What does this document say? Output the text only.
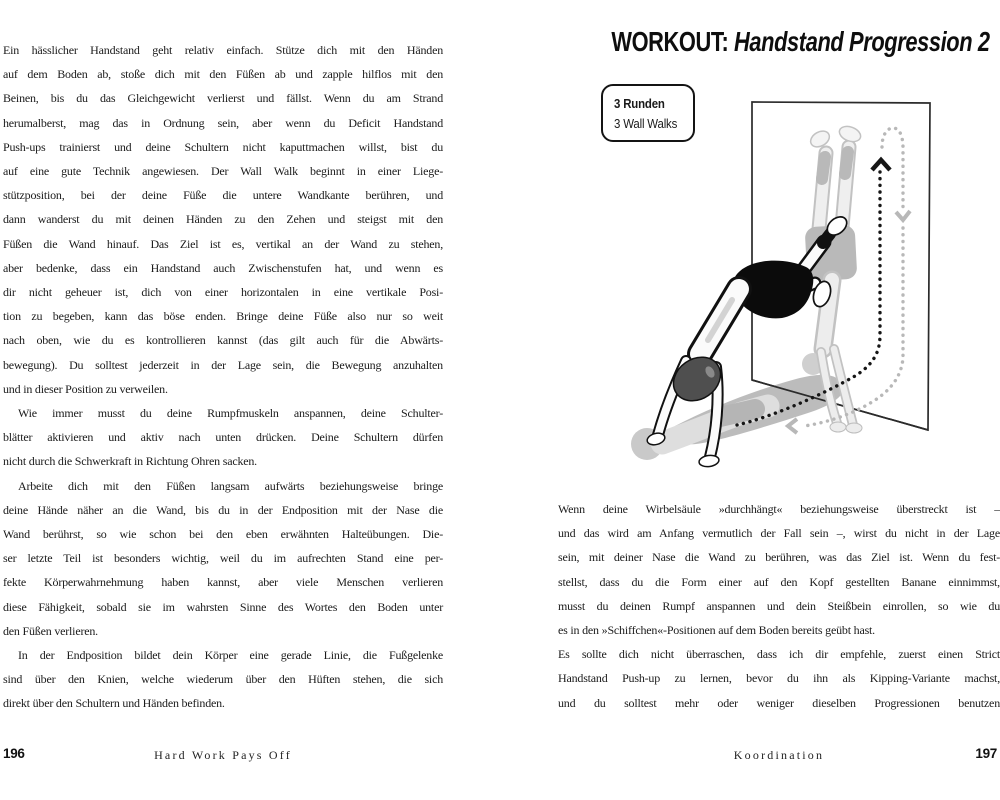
Ein hässlicher Handstand geht relativ einfach. Stütze dich mit den Händen
auf dem Boden ab, stoße dich mit den Füßen ab und zapple hilflos mit den
Beinen, bis du das Gleichgewicht verlierst und fällst. Wenn du am Strand
herumalberst, mag das in Ordnung sein, aber wenn du Deficit Handstand
Push-ups trainierst und deine Schultern nicht kaputtmachen willst, bist du
auf eine gute Technik angewiesen. Der Wall Walk beginnt in einer Liege-
stützposition, bei der deine Füße die untere Wandkante berühren, und
dann wanderst du mit deinen Händen zu den Zehen und steigst mit den
Füßen die Wand hinauf. Das Ziel ist es, vertikal an der Wand zu stehen,
aber bedenke, dass ein Handstand auch Zwischenstufen hat, und wenn es
dir nicht geheuer ist, dich von einer horizontalen in eine vertikale Posi-
tion zu begeben, kann das böse enden. Bringe deine Füße also nur so weit
nach oben, wie du es kontrollieren kannst (das gilt auch für die Abwärts-
bewegung). Du solltest jederzeit in der Lage sein, die Bewegung anzuhalten
und in dieser Position zu verweilen.
Wie immer musst du deine Rumpfmuskeln anspannen, deine Schulter-
blätter aktivieren und aktiv nach unten drücken. Deine Schultern dürfen
nicht durch die Schwerkraft in Richtung Ohren sacken.
Arbeite dich mit den Füßen langsam aufwärts beziehungsweise bringe
deine Hände näher an die Wand, bis du in der Endposition mit der Nase die
Wand berührst, so wie schon bei den eben erwähnten Halteübungen. Die-
ser letzte Teil ist besonders wichtig, weil du im aufrechten Stand eine per-
fekte Körperwahrnehmung haben kannst, aber viele Menschen verlieren
diese Fähigkeit, sobald sie im wahrsten Sinne des Wortes den Boden unter
den Füßen verlieren.
In der Endposition bildet dein Körper eine gerade Linie, die Fußgelenke
sind über den Knien, welche wiederum über den Hüften stehen, die sich
direkt über den Schultern und Händen befinden.
WORKOUT: Handstand Progression 2
3 Runden
3 Wall Walks
Wenn deine Wirbelsäule »durchhängt« beziehungsweise überstreckt ist –
und das wird am Anfang vermutlich der Fall sein –, wirst du nicht in der Lage
sein, mit deiner Nase die Wand zu berühren, was das Ziel ist. Wenn du fest-
stellst, dass du die Form einer auf den Kopf gestellten Banane einnimmst,
musst du deinen Rumpf anspannen und dein Steißbein einrollen, so wie du
es in den »Schiffchen«-Positionen auf dem Boden bereits geübt hast.
Es sollte dich nicht überraschen, dass ich dir empfehle, zuerst einen Strict
Handstand Push-up zu lernen, bevor du ihn als Kipping-Variante machst,
und du solltest mehr oder weniger dieselben Progressionen benutzen
196	Hard Work Pays Off	Koordination	197
